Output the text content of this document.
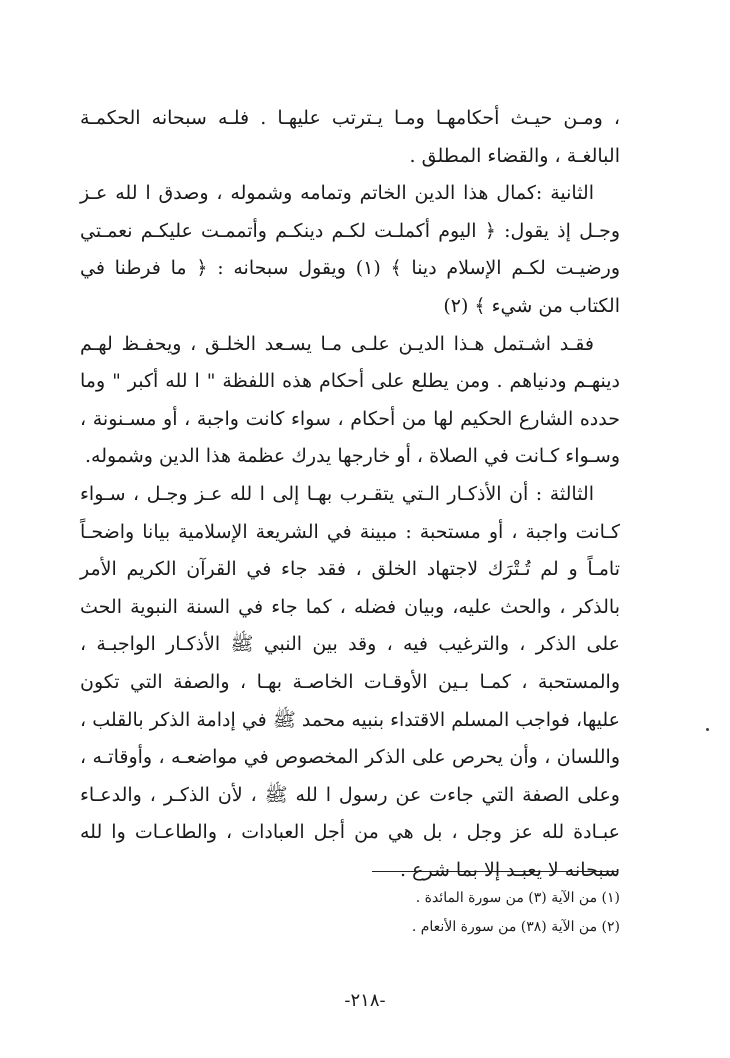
، ومـن حيـث أحكامهـا ومـا يـترتب عليهـا . فلـه سبحانه الحكمـة البالغـة ، والقضاء المطلق .

الثانية :كمال هذا الدين الخاتم وتمامه وشموله ، وصدق ا لله عـز وجـل إذ يقول: ﴿ اليوم أكملـت لكـم دينكـم وأتممـت عليكـم نعمـتي ورضيـت لكـم الإسلام دينا ﴾ (١) ويقول سبحانه : ﴿ ما فرطنا في الكتاب من شيء ﴾ (٢)

فقـد اشـتمل هـذا الديـن علـى مـا يسـعد الخلـق ، ويحفـظ لهـم دينهـم ودنياهم . ومن يطلع على أحكام هذه اللفظة " ا لله أكبر " وما حدده الشارع الحكيم لها من أحكام ، سواء كانت واجبة ، أو مسـنونة ، وسـواء كـانت في الصلاة ، أو خارجها يدرك عظمة هذا الدين وشموله.

الثالثة : أن الأذكـار الـتي يتقـرب بهـا إلى ا لله عـز وجـل ، سـواء كـانت واجبة ، أو مستحبة : مبينة في الشريعة الإسلامية بيانا واضحـاً تامـاً و لم تُـتْرَك لاجتهاد الخلق ، فقد جاء في القرآن الكريم الأمر بالذكر ، والحث عليه، وبيان فضله ، كما جاء في السنة النبوية الحث على الذكر ، والترغيب فيه ، وقد بين النبي ﷺ الأذكـار الواجبـة ، والمستحبة ، كمـا بـين الأوقـات الخاصـة بهـا ، والصفة التي تكون عليها، فواجب المسلم الاقتداء بنبيه محمد ﷺ في إدامة الذكر بالقلب ، واللسان ، وأن يحرص على الذكر المخصوص في مواضعـه ، وأوقاتـه ، وعلى الصفة التي جاءت عن رسول ا لله ﷺ ، لأن الذكـر ، والدعـاء عبـادة لله عز وجل ، بل هي من أجل العبادات ، والطاعـات وا لله سبحانه لا يعبـد إلا بما شرع .

(١) من الآية (٣) من سورة المائدة .

(٢) من الآية (٣٨) من سورة الأنعام .

-٢١٨-
